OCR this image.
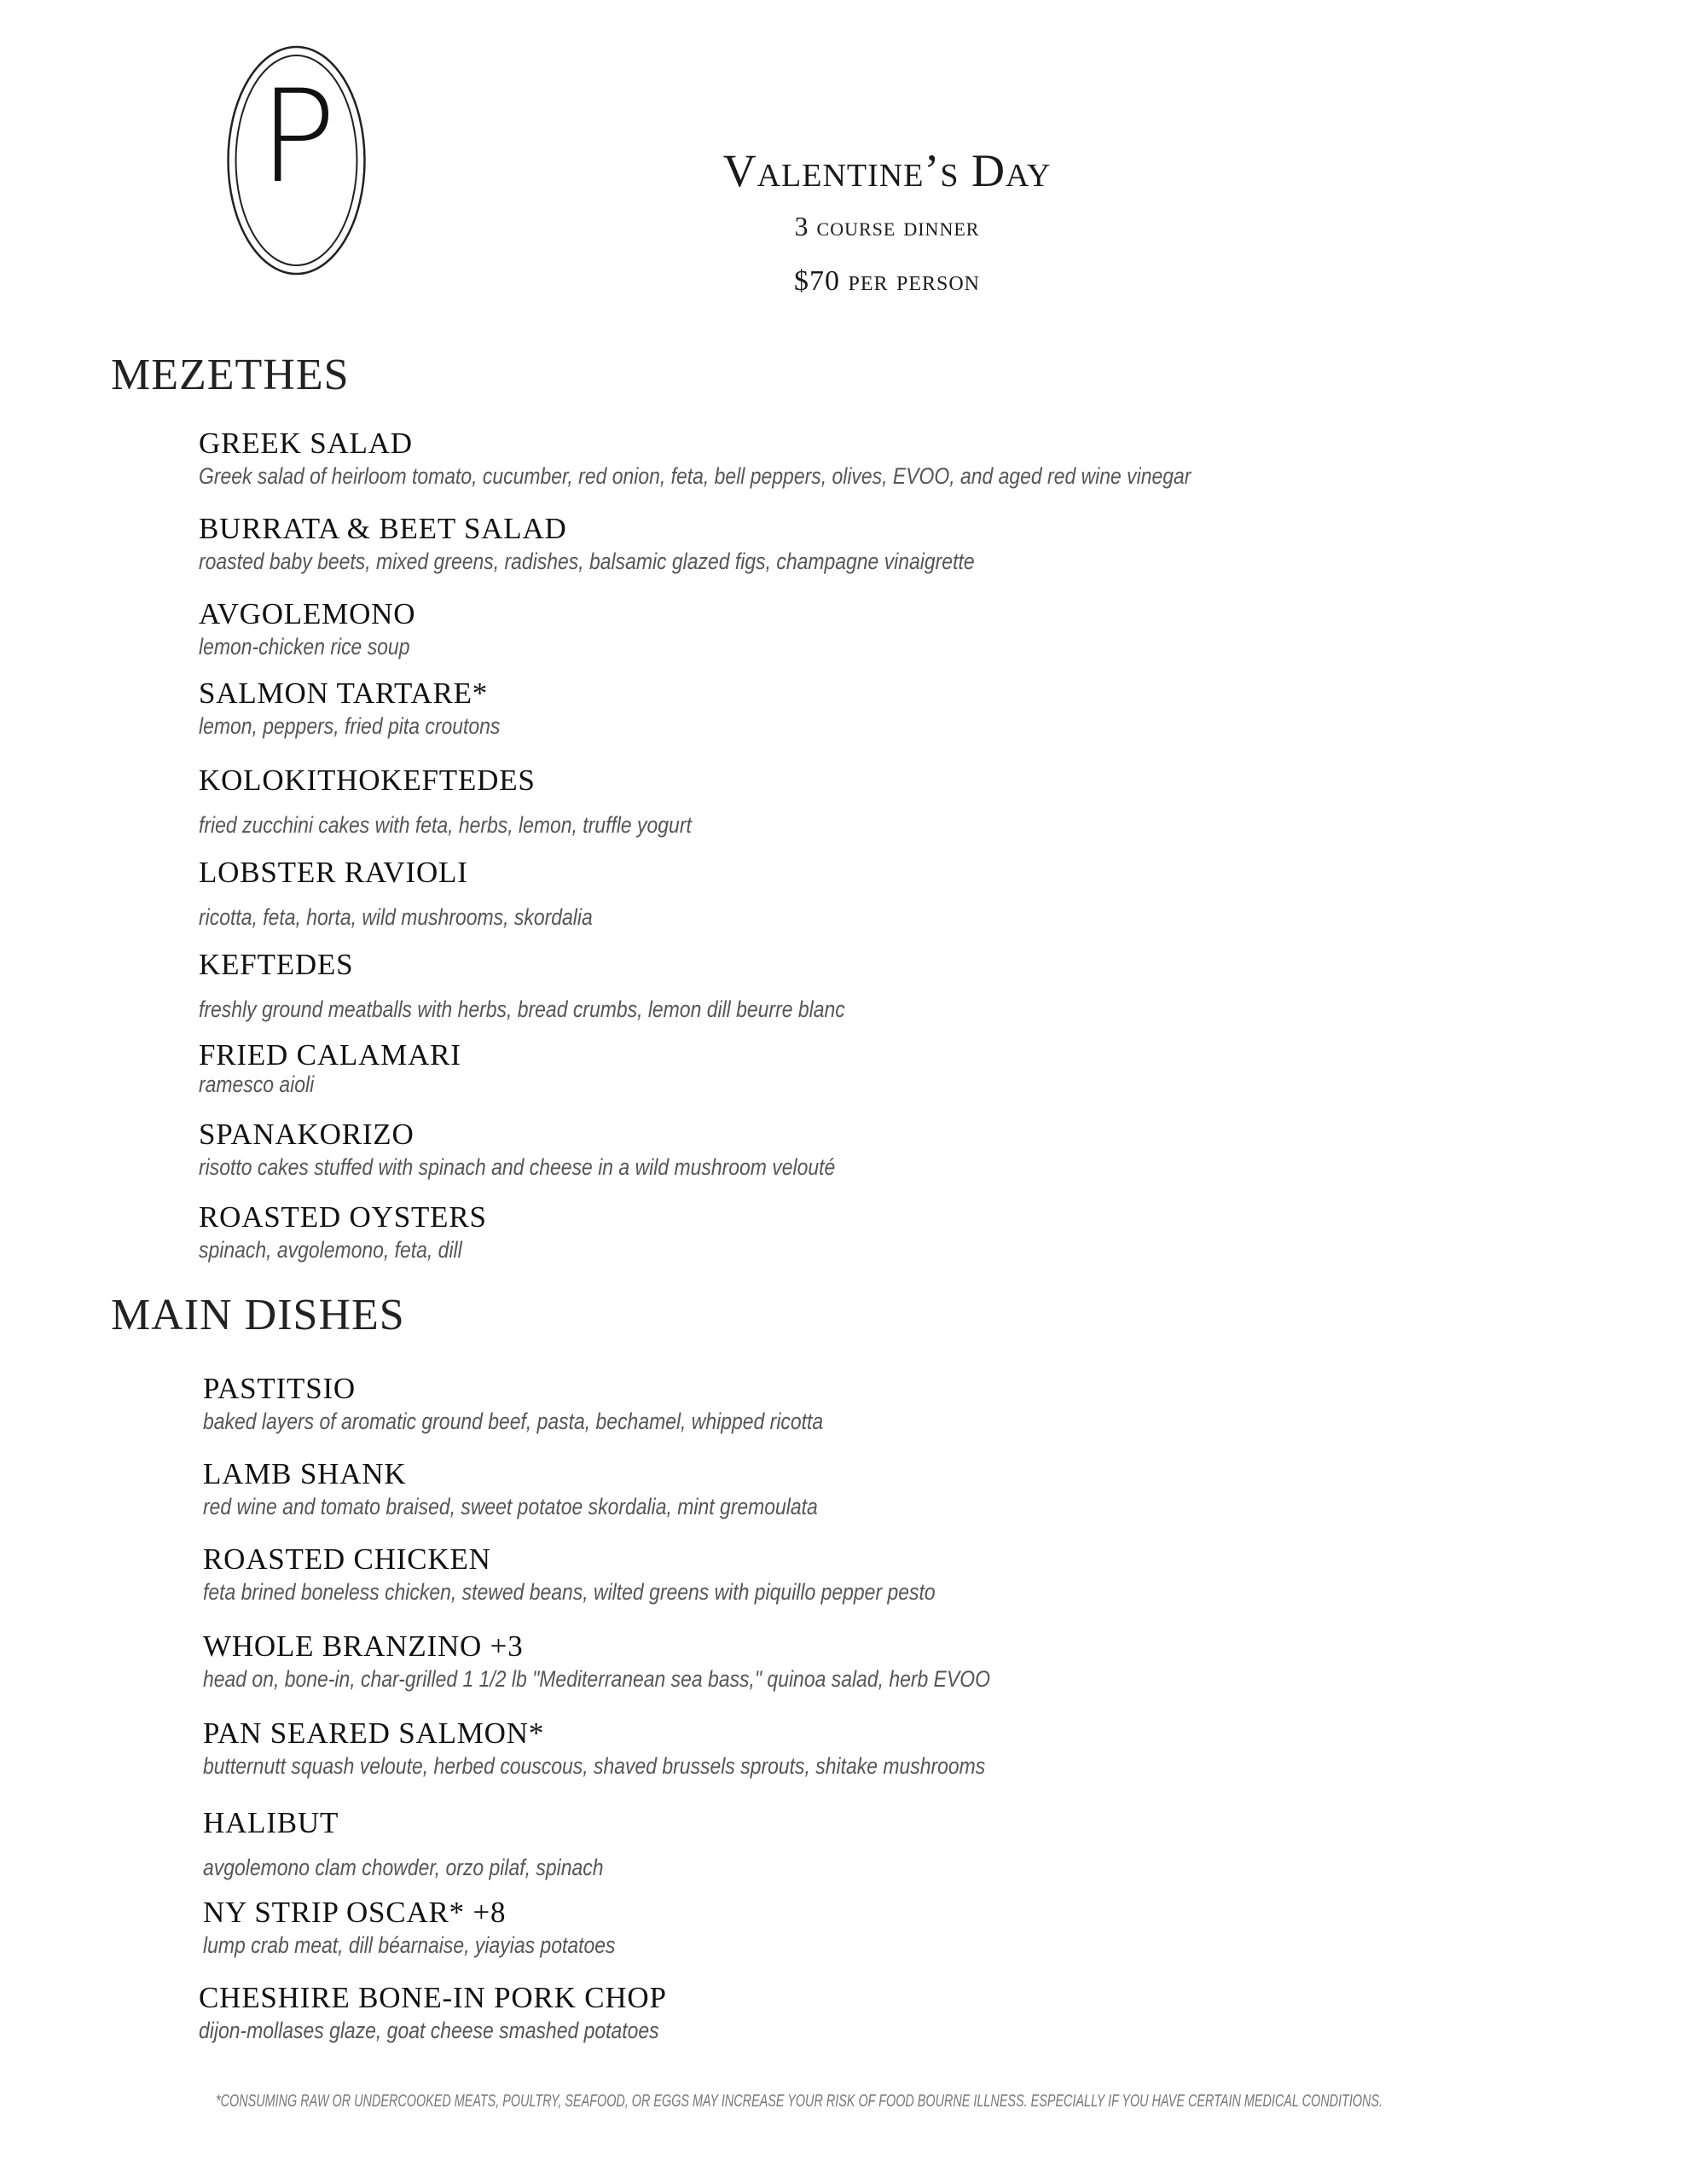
P	Valentine’s Day
3 course dinner
$70 per person
MEZETHES
GREEK SALAD
Greek salad of heirloom tomato, cucumber, red onion, feta, bell peppers, olives, EVOO, and aged red wine vinegar
BURRATA & BEET SALAD
roasted baby beets, mixed greens, radishes, balsamic glazed figs, champagne vinaigrette
AVGOLEMONO
lemon-chicken rice soup
SALMON TARTARE*
lemon, peppers, fried pita croutons
KOLOKITHOKEFTEDES
fried zucchini cakes with feta, herbs, lemon, truffle yogurt
LOBSTER RAVIOLI
ricotta, feta, horta, wild mushrooms, skordalia
KEFTEDES
freshly ground meatballs with herbs, bread crumbs, lemon dill beurre blanc
FRIED CALAMARI
ramesco aioli
SPANAKORIZO
risotto cakes stuffed with spinach and cheese in a wild mushroom velouté
ROASTED OYSTERS
spinach, avgolemono, feta, dill
MAIN DISHES
PASTITSIO
baked layers of aromatic ground beef, pasta, bechamel, whipped ricotta
LAMB SHANK
red wine and tomato braised, sweet potatoe skordalia, mint gremoulata
ROASTED CHICKEN
feta brined boneless chicken, stewed beans, wilted greens with piquillo pepper pesto
WHOLE BRANZINO +3
head on, bone-in, char-grilled 1 1/2 lb "Mediterranean sea bass," quinoa salad, herb EVOO
PAN SEARED SALMON*
butternutt squash veloute, herbed couscous, shaved brussels sprouts, shitake mushrooms
HALIBUT
avgolemono clam chowder, orzo pilaf, spinach
NY STRIP OSCAR* +8
lump crab meat, dill béarnaise, yiayias potatoes
CHESHIRE BONE-IN PORK CHOP
dijon-mollases glaze, goat cheese smashed potatoes
*CONSUMING RAW OR UNDERCOOKED MEATS, POULTRY, SEAFOOD, OR EGGS MAY INCREASE YOUR RISK OF FOOD BOURNE ILLNESS. ESPECIALLY IF YOU HAVE CERTAIN MEDICAL CONDITIONS.
